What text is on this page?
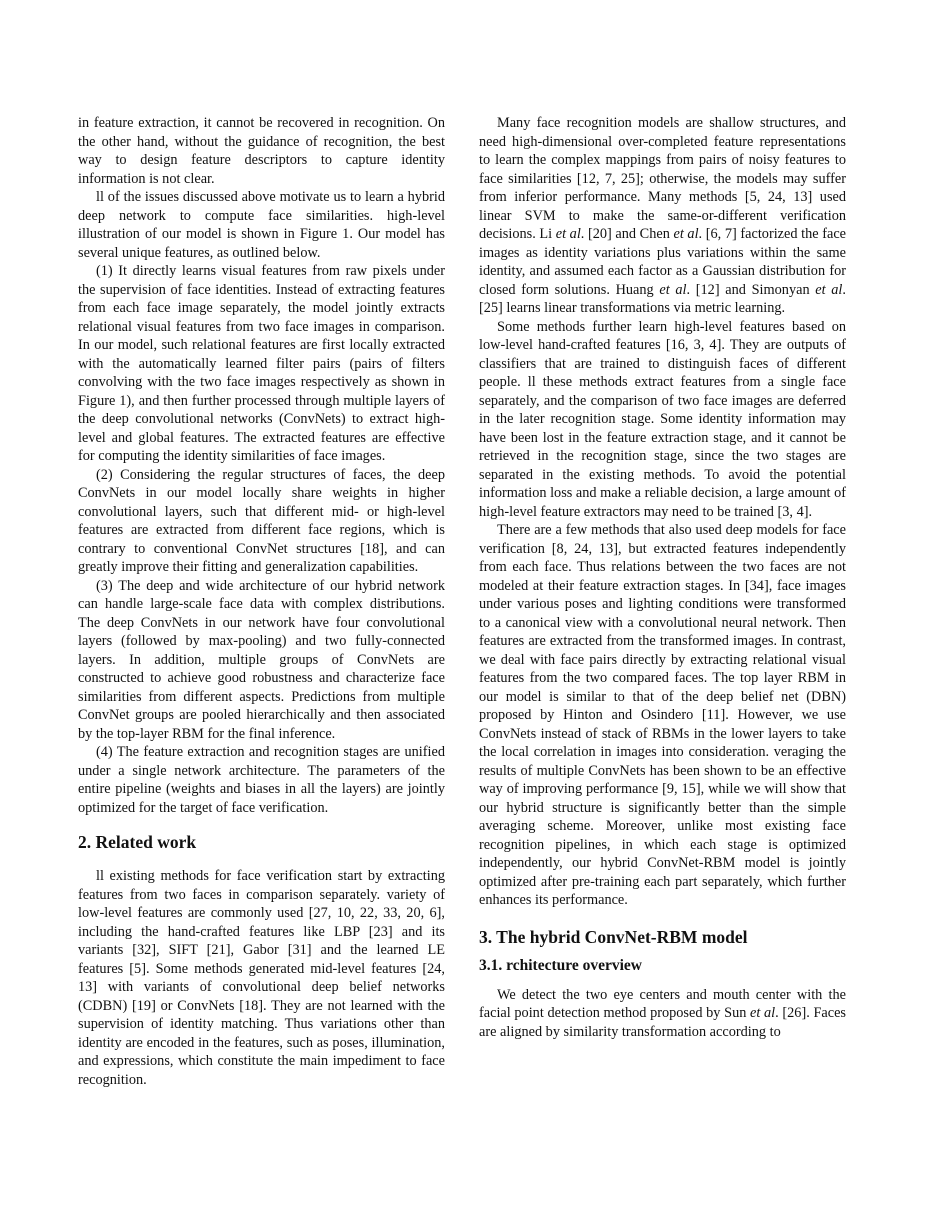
in feature extraction, it cannot be recovered in recognition. On the other hand, without the guidance of recognition, the best way to design feature descriptors to capture identity information is not clear.

ll of the issues discussed above motivate us to learn a hybrid deep network to compute face similarities. high-level illustration of our model is shown in Figure 1. Our model has several unique features, as outlined below.

(1) It directly learns visual features from raw pixels under the supervision of face identities. Instead of extracting features from each face image separately, the model jointly extracts relational visual features from two face images in comparison. In our model, such relational features are first locally extracted with the automatically learned filter pairs (pairs of filters convolving with the two face images respectively as shown in Figure 1), and then further processed through multiple layers of the deep convolutional networks (ConvNets) to extract high-level and global features. The extracted features are effective for computing the identity similarities of face images.

(2) Considering the regular structures of faces, the deep ConvNets in our model locally share weights in higher convolutional layers, such that different mid- or high-level features are extracted from different face regions, which is contrary to conventional ConvNet structures [18], and can greatly improve their fitting and generalization capabilities.

(3) The deep and wide architecture of our hybrid network can handle large-scale face data with complex distributions. The deep ConvNets in our network have four convolutional layers (followed by max-pooling) and two fully-connected layers. In addition, multiple groups of ConvNets are constructed to achieve good robustness and characterize face similarities from different aspects. Predictions from multiple ConvNet groups are pooled hierarchically and then associated by the top-layer RBM for the final inference.

(4) The feature extraction and recognition stages are unified under a single network architecture. The parameters of the entire pipeline (weights and biases in all the layers) are jointly optimized for the target of face verification.

2. Related work

ll existing methods for face verification start by extracting features from two faces in comparison separately. variety of low-level features are commonly used [27, 10, 22, 33, 20, 6], including the hand-crafted features like LBP [23] and its variants [32], SIFT [21], Gabor [31] and the learned LE features [5]. Some methods generated mid-level features [24, 13] with variants of convolutional deep belief networks (CDBN) [19] or ConvNets [18]. They are not learned with the supervision of identity matching. Thus variations other than identity are encoded in the features, such as poses, illumination, and expressions, which constitute the main impediment to face recognition.

Many face recognition models are shallow structures, and need high-dimensional over-completed feature representations to learn the complex mappings from pairs of noisy features to face similarities [12, 7, 25]; otherwise, the models may suffer from inferior performance. Many methods [5, 24, 13] used linear SVM to make the same-or-different verification decisions. Li et al. [20] and Chen et al. [6, 7] factorized the face images as identity variations plus variations within the same identity, and assumed each factor as a Gaussian distribution for closed form solutions. Huang et al. [12] and Simonyan et al. [25] learns linear transformations via metric learning.

Some methods further learn high-level features based on low-level hand-crafted features [16, 3, 4]. They are outputs of classifiers that are trained to distinguish faces of different people. ll these methods extract features from a single face separately, and the comparison of two face images are deferred in the later recognition stage. Some identity information may have been lost in the feature extraction stage, and it cannot be retrieved in the recognition stage, since the two stages are separated in the existing methods. To avoid the potential information loss and make a reliable decision, a large amount of high-level feature extractors may need to be trained [3, 4].

There are a few methods that also used deep models for face verification [8, 24, 13], but extracted features independently from each face. Thus relations between the two faces are not modeled at their feature extraction stages. In [34], face images under various poses and lighting conditions were transformed to a canonical view with a convolutional neural network. Then features are extracted from the transformed images. In contrast, we deal with face pairs directly by extracting relational visual features from the two compared faces. The top layer RBM in our model is similar to that of the deep belief net (DBN) proposed by Hinton and Osindero [11]. However, we use ConvNets instead of stack of RBMs in the lower layers to take the local correlation in images into consideration. veraging the results of multiple ConvNets has been shown to be an effective way of improving performance [9, 15], while we will show that our hybrid structure is significantly better than the simple averaging scheme. Moreover, unlike most existing face recognition pipelines, in which each stage is optimized independently, our hybrid ConvNet-RBM model is jointly optimized after pre-training each part separately, which further enhances its performance.

3. The hybrid ConvNet-RBM model
3.1. rchitecture overview

We detect the two eye centers and mouth center with the facial point detection method proposed by Sun et al. [26]. Faces are aligned by similarity transformation according to
